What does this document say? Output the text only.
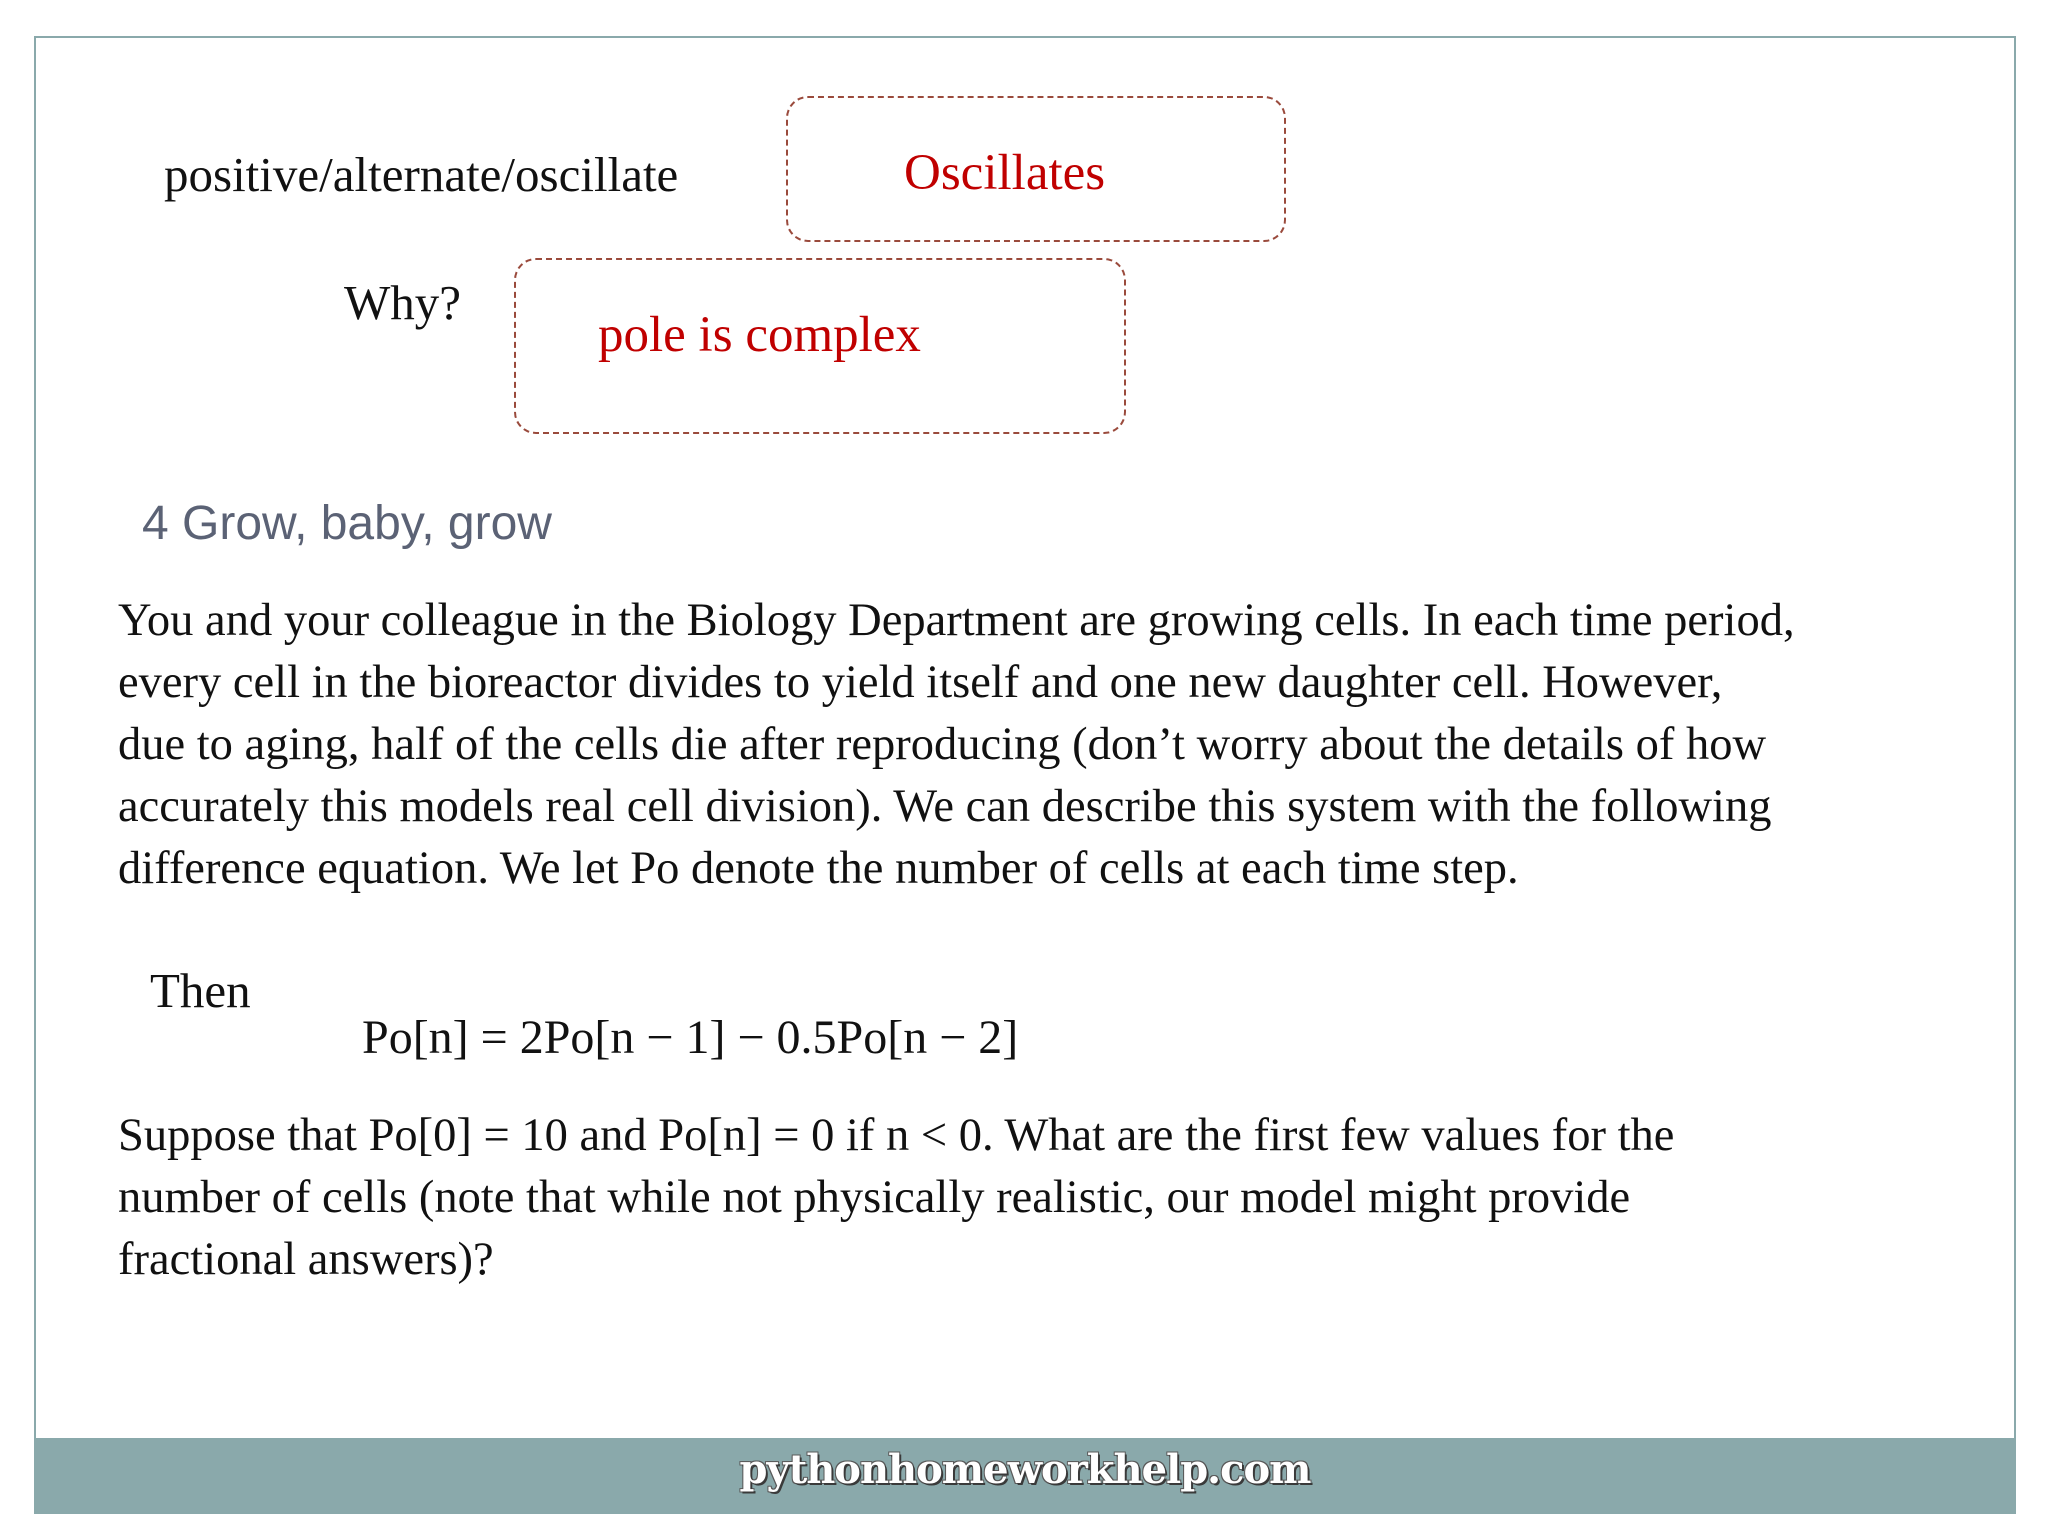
positive/alternate/oscillate	Oscillates
Why?
pole is complex
4 Grow, baby, grow
You and your colleague in the Biology Department are growing cells. In each time period,
every cell in the bioreactor divides to yield itself and one new daughter cell. However,
due to aging, half of the cells die after reproducing (don’t worry about the details of how
accurately this models real cell division). We can describe this system with the following
difference equation. We let Po denote the number of cells at each time step.
Then
Po[n] = 2Po[n − 1] − 0.5Po[n − 2]
Suppose that Po[0] = 10 and Po[n] = 0 if n < 0. What are the first few values for the
number of cells (note that while not physically realistic, our model might provide
fractional answers)?
pythonhomeworkhelp.com
